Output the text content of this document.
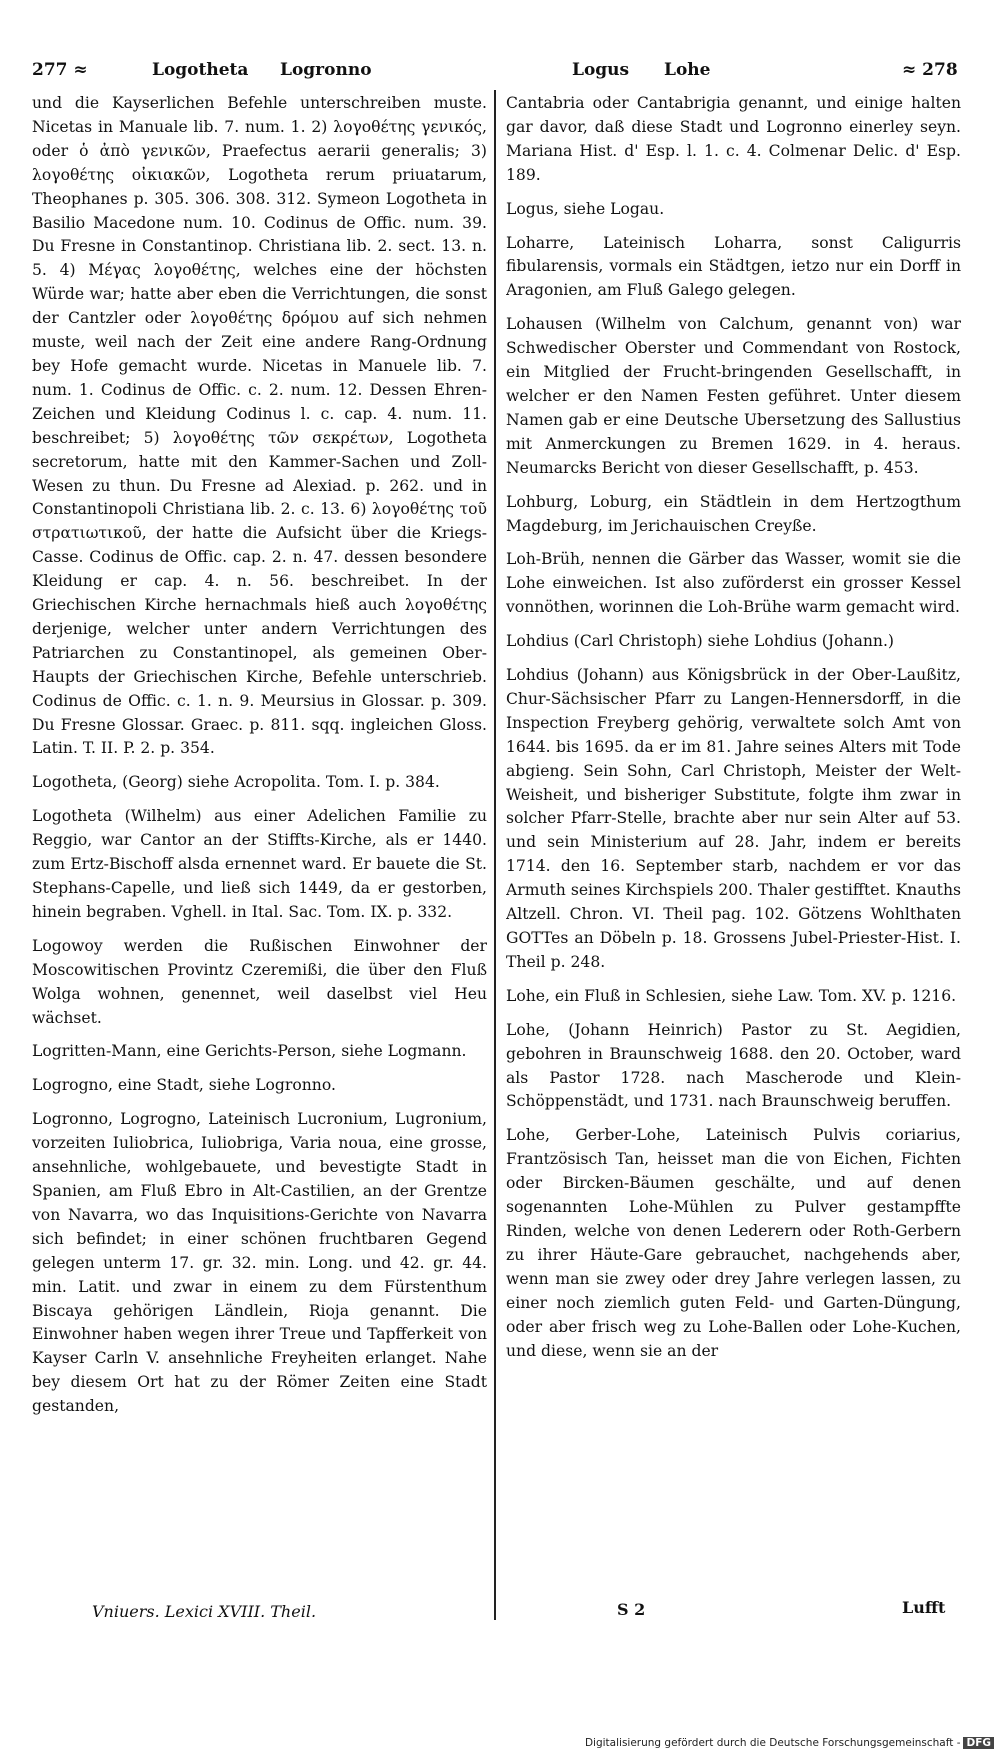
277 ≈	Logotheta Logronno	Logus Lohe	≈ 278

und die Kayserlichen Befehle unterschreiben muste. Nicetas in Manuale lib. 7. num. 1. 2) λογοθέτης γενικός, oder ὁ ἀπὸ γενικῶν, Praefectus aerarii generalis; 3) λογοθέτης οἰκιακῶν, Logotheta rerum priuatarum, Theophanes p. 305. 306. 308. 312. Symeon Logotheta in Basilio Macedone num. 10. Codinus de Offic. num. 39. Du Fresne in Constantinop. Christiana lib. 2. sect. 13. n. 5. 4) Μέγας λογοθέτης, welches eine der höchsten Würde war; hatte aber eben die Verrichtungen, die sonst der Cantzler oder λογοθέτης δρόμου auf sich nehmen muste, weil nach der Zeit eine andere Rang-Ordnung bey Hofe gemacht wurde. Nicetas in Manuele lib. 7. num. 1. Codinus de Offic. c. 2. num. 12. Dessen Ehren-Zeichen und Kleidung Codinus l. c. cap. 4. num. 11. beschreibet; 5) λογοθέτης τῶν σεκρέτων, Logotheta secretorum, hatte mit den Kammer-Sachen und Zoll-Wesen zu thun. Du Fresne ad Alexiad. p. 262. und in Constantinopoli Christiana lib. 2. c. 13. 6) λογοθέτης τοῦ στρατιωτικοῦ, der hatte die Aufsicht über die Kriegs-Casse. Codinus de Offic. cap. 2. n. 47. dessen besondere Kleidung er cap. 4. n. 56. beschreibet. In der Griechischen Kirche hernachmals hieß auch λογοθέτης derjenige, welcher unter andern Verrichtungen des Patriarchen zu Constantinopel, als gemeinen Ober-Haupts der Griechischen Kirche, Befehle unterschrieb. Codinus de Offic. c. 1. n. 9. Meursius in Glossar. p. 309. Du Fresne Glossar. Graec. p. 811. sqq. ingleichen Gloss. Latin. T. II. P. 2. p. 354.

Logotheta, (Georg) siehe Acropolita. Tom. I. p. 384.

Logotheta (Wilhelm) aus einer Adelichen Familie zu Reggio, war Cantor an der Stiffts-Kirche, als er 1440. zum Ertz-Bischoff alsda ernennet ward. Er bauete die St. Stephans-Capelle, und ließ sich 1449, da er gestorben, hinein begraben. Vghell. in Ital. Sac. Tom. IX. p. 332.

Logowoy werden die Rußischen Einwohner der Moscowitischen Provintz Czeremißi, die über den Fluß Wolga wohnen, genennet, weil daselbst viel Heu wächset.

Logritten-Mann, eine Gerichts-Person, siehe Logmann.

Logrogno, eine Stadt, siehe Logronno.

Logronno, Logrogno, Lateinisch Lucronium, Lugronium, vorzeiten Iuliobrica, Iuliobriga, Varia noua, eine grosse, ansehnliche, wohlgebauete, und bevestigte Stadt in Spanien, am Fluß Ebro in Alt-Castilien, an der Grentze von Navarra, wo das Inquisitions-Gerichte von Navarra sich befindet; in einer schönen fruchtbaren Gegend gelegen unterm 17. gr. 32. min. Long. und 42. gr. 44. min. Latit. und zwar in einem zu dem Fürstenthum Biscaya gehörigen Ländlein, Rioja genannt. Die Einwohner haben wegen ihrer Treue und Tapfferkeit von Kayser Carln V. ansehnliche Freyheiten erlanget. Nahe bey diesem Ort hat zu der Römer Zeiten eine Stadt gestanden,

Cantabria oder Cantabrigia genannt, und einige halten gar davor, daß diese Stadt und Logronno einerley seyn. Mariana Hist. d' Esp. l. 1. c. 4. Colmenar Delic. d' Esp. 189.

Logus, siehe Logau.

Loharre, Lateinisch Loharra, sonst Caligurris fibularensis, vormals ein Städtgen, ietzo nur ein Dorff in Aragonien, am Fluß Galego gelegen.

Lohausen (Wilhelm von Calchum, genannt von) war Schwedischer Oberster und Commendant von Rostock, ein Mitglied der Frucht-bringenden Gesellschafft, in welcher er den Namen Festen geführet. Unter diesem Namen gab er eine Deutsche Ubersetzung des Sallustius mit Anmerckungen zu Bremen 1629. in 4. heraus. Neumarcks Bericht von dieser Gesellschafft, p. 453.

Lohburg, Loburg, ein Städtlein in dem Hertzogthum Magdeburg, im Jerichauischen Creyße.

Loh-Brüh, nennen die Gärber das Wasser, womit sie die Lohe einweichen. Ist also zuförderst ein grosser Kessel vonnöthen, worinnen die Loh-Brühe warm gemacht wird.

Lohdius (Carl Christoph) siehe Lohdius (Johann.)

Lohdius (Johann) aus Königsbrück in der Ober-Laußitz, Chur-Sächsischer Pfarr zu Langen-Hennersdorff, in die Inspection Freyberg gehörig, verwaltete solch Amt von 1644. bis 1695. da er im 81. Jahre seines Alters mit Tode abgieng. Sein Sohn, Carl Christoph, Meister der Welt-Weisheit, und bisheriger Substitute, folgte ihm zwar in solcher Pfarr-Stelle, brachte aber nur sein Alter auf 53. und sein Ministerium auf 28. Jahr, indem er bereits 1714. den 16. September starb, nachdem er vor das Armuth seines Kirchspiels 200. Thaler gestifftet. Knauths Altzell. Chron. VI. Theil pag. 102. Götzens Wohlthaten GOTTes an Döbeln p. 18. Grossens Jubel-Priester-Hist. I. Theil p. 248.

Lohe, ein Fluß in Schlesien, siehe Law. Tom. XV. p. 1216.

Lohe, (Johann Heinrich) Pastor zu St. Aegidien, gebohren in Braunschweig 1688. den 20. October, ward als Pastor 1728. nach Mascherode und Klein-Schöppenstädt, und 1731. nach Braunschweig beruffen.

Lohe, Gerber-Lohe, Lateinisch Pulvis coriarius, Frantzösisch Tan, heisset man die von Eichen, Fichten oder Bircken-Bäumen geschälte, und auf denen sogenannten Lohe-Mühlen zu Pulver gestampffte Rinden, welche von denen Lederern oder Roth-Gerbern zu ihrer Häute-Gare gebrauchet, nachgehends aber, wenn man sie zwey oder drey Jahre verlegen lassen, zu einer noch ziemlich guten Feld- und Garten-Düngung, oder aber frisch weg zu Lohe-Ballen oder Lohe-Kuchen, und diese, wenn sie an der

Vniuers. Lexici XVIII. Theil.	S 2	Lufft
Digitalisierung gefördert durch die Deutsche Forschungsgemeinschaft - DFG
